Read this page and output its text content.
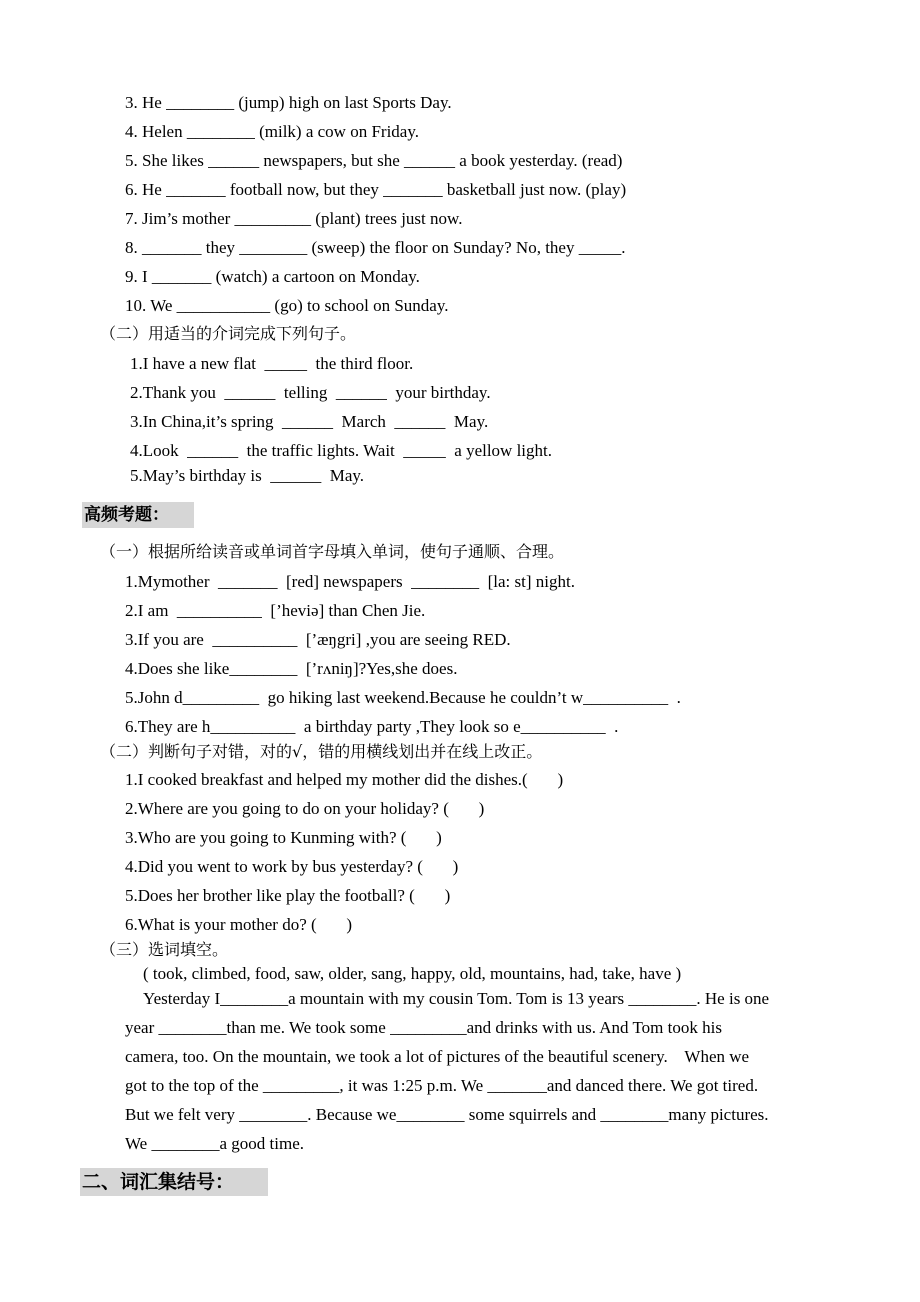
3. He ________ (jump) high on last Sports Day.
4. Helen ________ (milk) a cow on Friday.
5. She likes ______ newspapers, but she ______ a book yesterday. (read)
6. He _______ football now, but they _______ basketball just now. (play)
7. Jim’s mother _________ (plant) trees just now.
8. _______ they ________ (sweep) the floor on Sunday? No, they _____.
9. I _______ (watch) a cartoon on Monday.
10. We ___________ (go) to school on Sunday.
（二）用适当的介词完成下列句子。
1.I have a new flat  _____  the third floor.
2.Thank you  ______  telling  ______  your birthday.
3.In China,it’s spring  ______  March  ______  May.
4.Look  ______  the traffic lights. Wait  _____  a yellow light.
5.May’s birthday is  ______  May.
高频考题：
（一）根据所给读音或单词首字母填入单词，使句子通顺、合理。
1.Mymother  _______  [red] newspapers  ________  [la: st] night.
2.I am  __________  [’heviə] than Chen Jie.
3.If you are  __________  [’æŋgri] ,you are seeing RED.
4.Does she like________  [’rʌniŋ]?Yes,she does.
5.John d_________  go hiking last weekend.Because he couldn’t w__________  .
6.They are h__________  a birthday party ,They look so e__________  .
（二）判断句子对错，对的√，错的用横线划出并在线上改正。
1.I cooked breakfast and helped my mother did the dishes.(       )
2.Where are you going to do on your holiday? (       )
3.Who are you going to Kunming with? (       )
4.Did you went to work by bus yesterday? (       )
5.Does her brother like play the football? (       )
6.What is your mother do? (       )
（三）选词填空。
( took, climbed, food, saw, older, sang, happy, old, mountains, had, take, have )
Yesterday I________a mountain with my cousin Tom. Tom is 13 years ________. He is one
year ________than me. We took some _________and drinks with us. And Tom took his
camera, too. On the mountain, we took a lot of pictures of the beautiful scenery.    When we
got to the top of the _________, it was 1:25 p.m. We _______and danced there. We got tired.
But we felt very ________. Because we________ some squirrels and ________many pictures.
We ________a good time.
二、词汇集结号：
